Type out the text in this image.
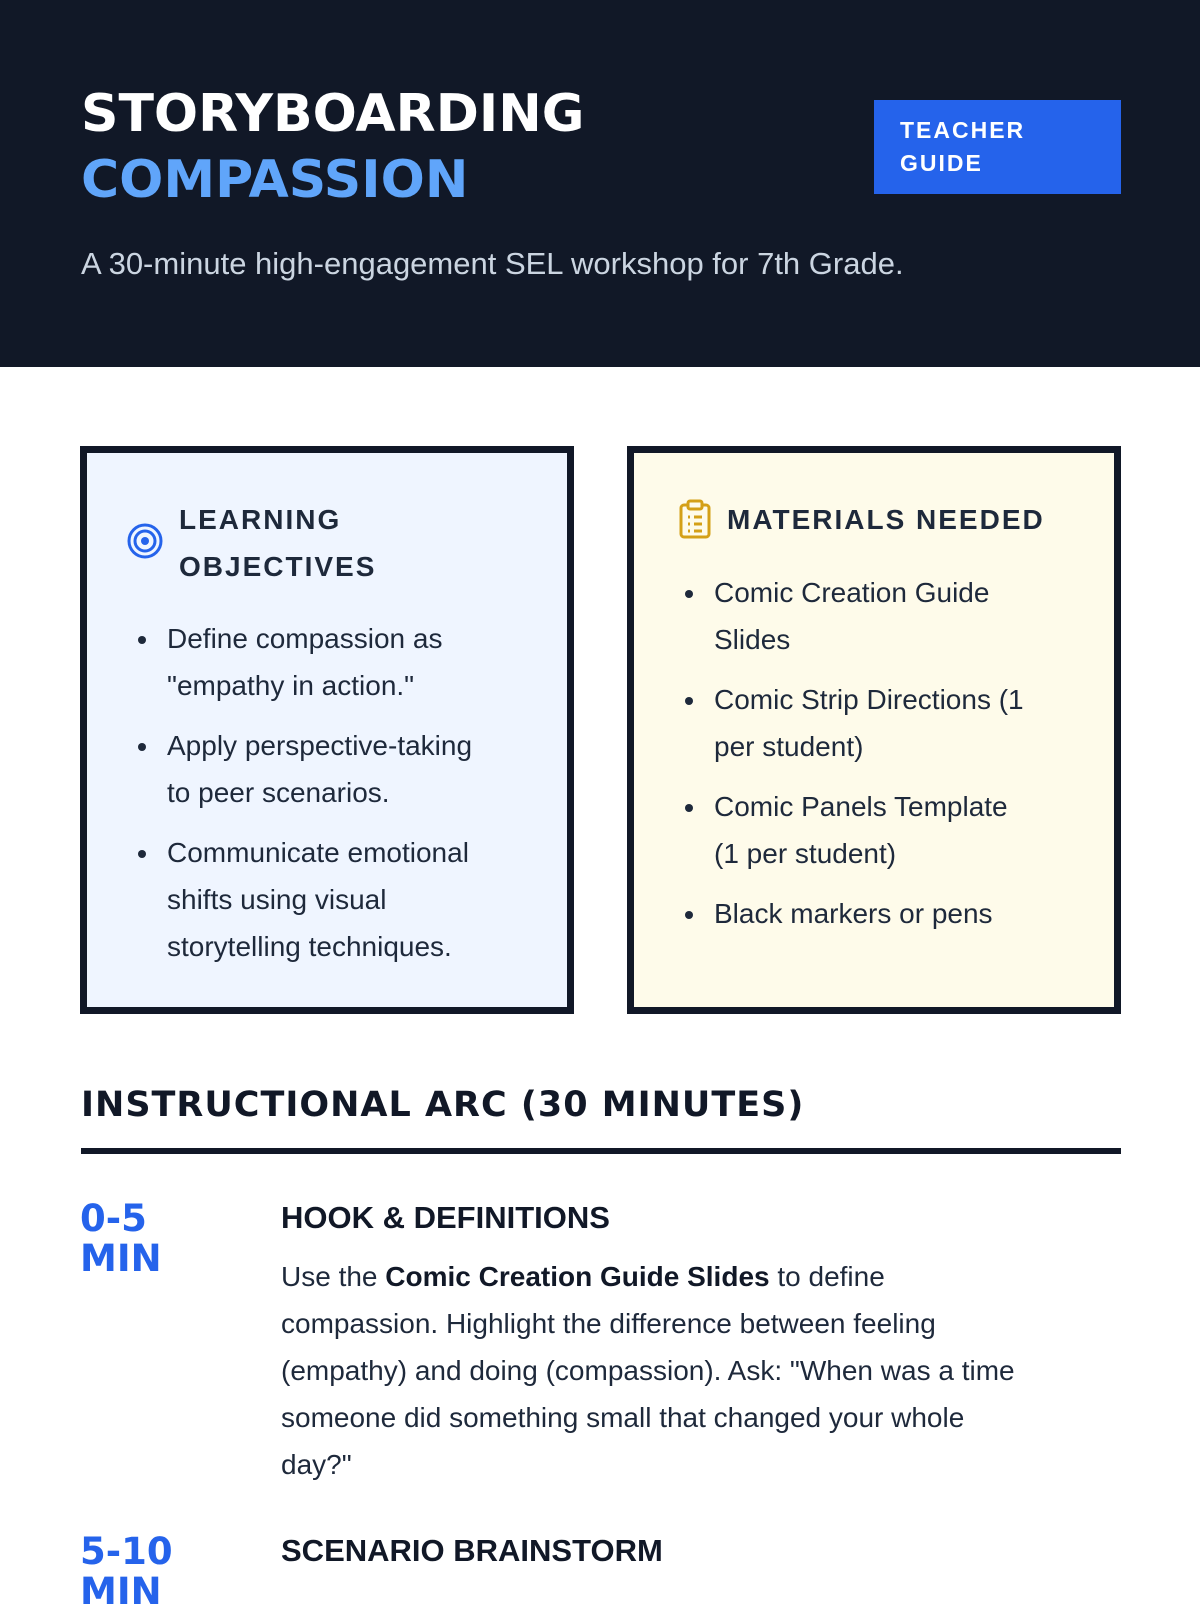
STORYBOARDING
COMPASSION
TEACHER
GUIDE
A 30-minute high-engagement SEL workshop for 7th Grade.
LEARNING
OBJECTIVES
Define compassion as
"empathy in action."
Apply perspective-taking
to peer scenarios.
Communicate emotional
shifts using visual
storytelling techniques.
MATERIALS NEEDED
Comic Creation Guide
Slides
Comic Strip Directions (1
per student)
Comic Panels Template
(1 per student)
Black markers or pens
INSTRUCTIONAL ARC (30 MINUTES)
0-5
MIN
HOOK & DEFINITIONS
Use the Comic Creation Guide Slides to define
compassion. Highlight the difference between feeling
(empathy) and doing (compassion). Ask: "When was a time
someone did something small that changed your whole
day?"
5-10
MIN
SCENARIO BRAINSTORM
